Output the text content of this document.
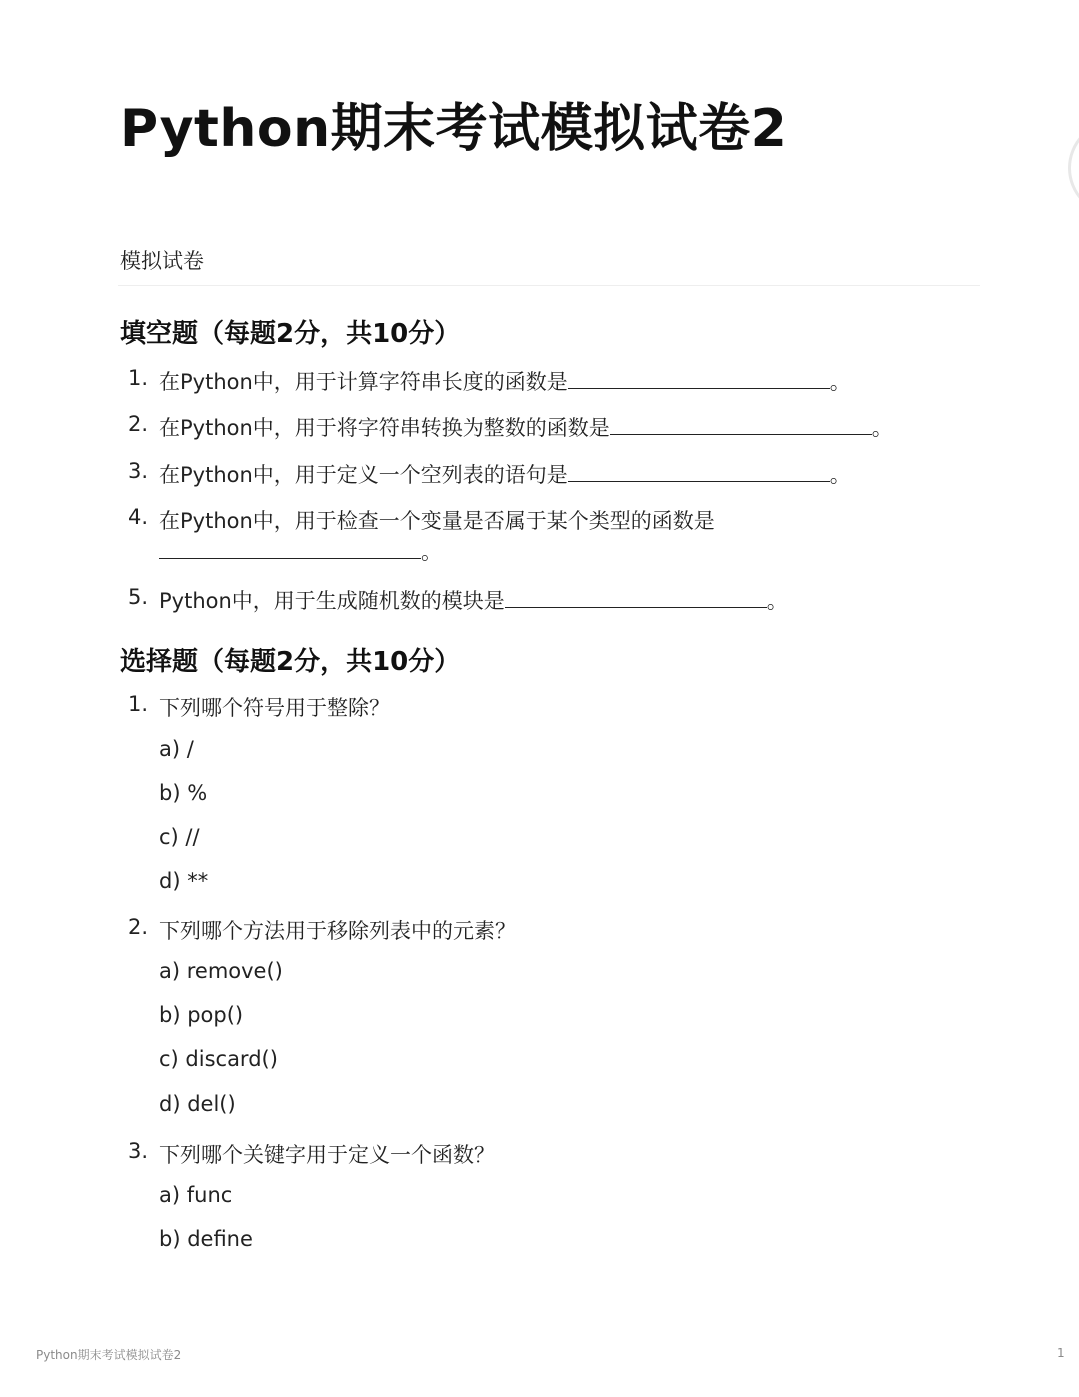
Python期末考试模拟试卷2
模拟试卷
填空题（每题2分，共10分）
1. 在Python中，用于计算字符串长度的函数是	。
2. 在Python中，用于将字符串转换为整数的函数是	。
3. 在Python中，用于定义一个空列表的语句是	。
4. 在Python中，用于检查一个变量是否属于某个类型的函数是
。
5. Python中，用于生成随机数的模块是	。
选择题（每题2分，共10分）
1. 下列哪个符号用于整除？
a) /
b) %
c) //
d) **
2. 下列哪个方法用于移除列表中的元素？
a) remove()
b) pop()
c) discard()
d) del()
3. 下列哪个关键字用于定义一个函数？
a) func
b) define
Python期末考试模拟试卷2	1
